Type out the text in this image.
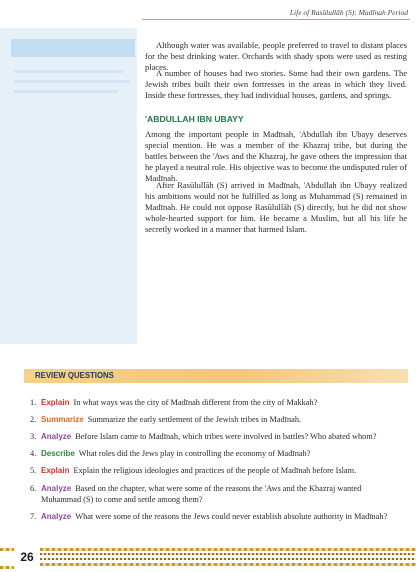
Life of Rasūlullāh (S): Madīnah Period

Although water was available, people preferred to travel to distant places for the best drinking water. Orchards with shady spots were used as resting places.

A number of houses had two stories. Some had their own gardens. The Jewish tribes built their own fortresses in the areas in which they lived. Inside these fortresses, they had individual houses, gardens, and springs.

'ABDULLAH IBN UBAYY

Among the important people in Madīnah, 'Abdullah ibn Ubayy deserves special mention. He was a member of the Khazraj tribe, but during the battles between the 'Aws and the Khazraj, he gave others the impression that he played a neutral role. His objective was to become the undisputed ruler of Madīnah.

After Rasūlullāh (S) arrived in Madīnah, 'Abdullah ibn Ubayy realized his ambitions would not be fulfilled as long as Muhammad (S) remained in Madīnah. He could not oppose Rasūlullāh (S) directly, but he did not show whole-hearted support for him. He became a Muslim, but all his life he secretly worked in a manner that harmed Islam.

REVIEW QUESTIONS

1. Explain In what ways was the city of Madīnah different from the city of Makkah?

2. Summarize Summarize the early settlement of the Jewish tribes in Madīnah.

3. Analyze Before Islam came to Madīnah, which tribes were involved in battles? Who abated whom?

4. Describe What roles did the Jews play in controlling the economy of Madīnah?

5. Explain Explain the religious ideologies and practices of the people of Madīnah before Islam.

6. Analyze Based on the chapter, what were some of the reasons the 'Aws and the Khazraj wanted
Muhammad (S) to come and settle among them?

7. Analyze What were some of the reasons the Jews could never establish absolute authority in Madīnah?

26
